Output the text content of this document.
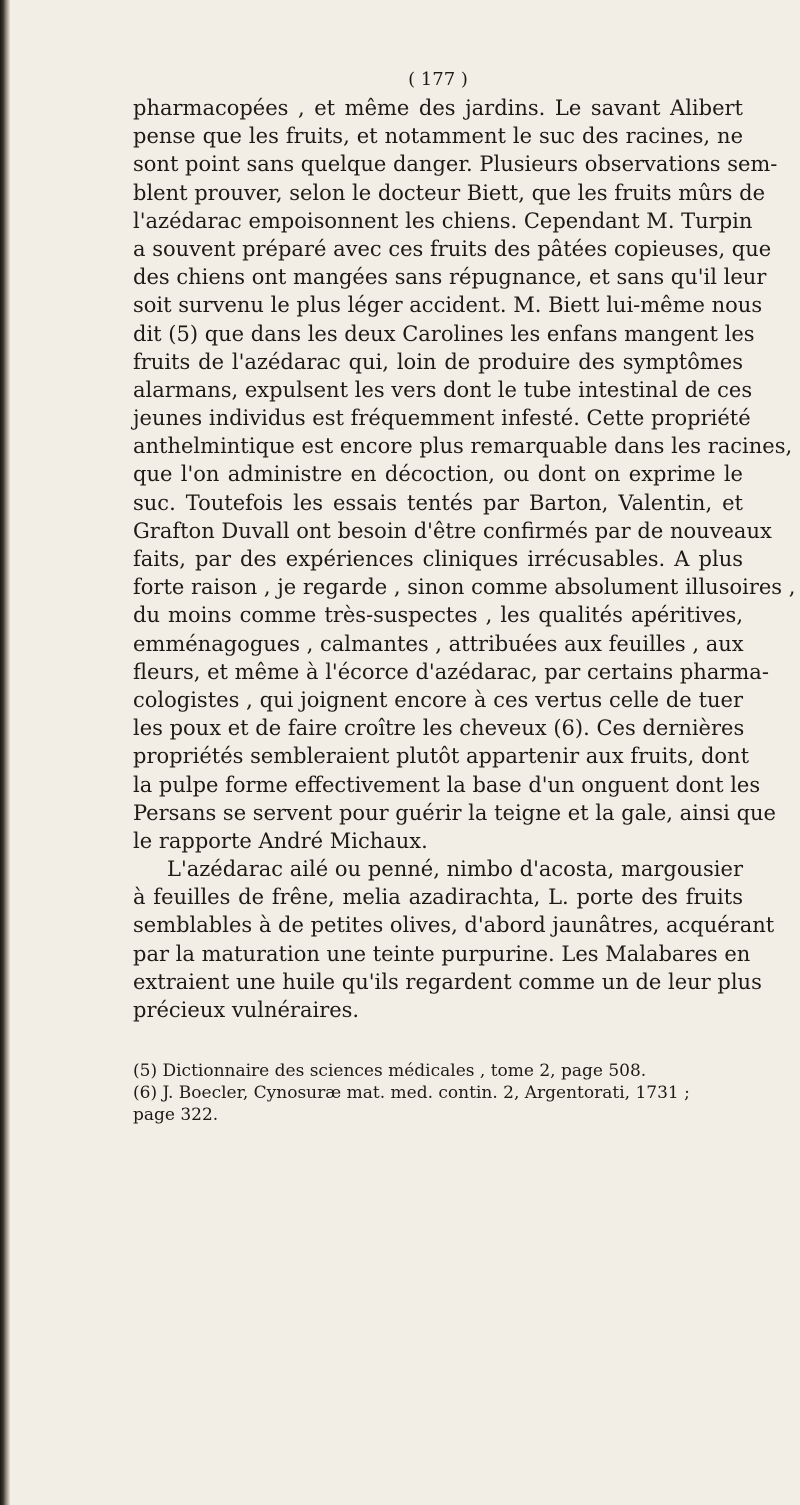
( 177 )

pharmacopées , et même des jardins. Le savant Alibert

pense que les fruits, et notamment le suc des racines, ne

sont point sans quelque danger. Plusieurs observations sem-

blent prouver, selon le docteur Biett, que les fruits mûrs de

l'azédarac empoisonnent les chiens. Cependant M. Turpin

a souvent préparé avec ces fruits des pâtées copieuses, que

des chiens ont mangées sans répugnance, et sans qu'il leur

soit survenu le plus léger accident. M. Biett lui-même nous

dit (5) que dans les deux Carolines les enfans mangent les

fruits de l'azédarac qui, loin de produire des symptômes

alarmans, expulsent les vers dont le tube intestinal de ces

jeunes individus est fréquemment infesté. Cette propriété

anthelmintique est encore plus remarquable dans les racines,

que l'on administre en décoction, ou dont on exprime le

suc. Toutefois les essais tentés par Barton, Valentin, et

Grafton Duvall ont besoin d'être confirmés par de nouveaux

faits, par des expériences cliniques irrécusables. A plus

forte raison , je regarde , sinon comme absolument illusoires ,

du moins comme très-suspectes , les qualités apéritives,

emménagogues , calmantes , attribuées aux feuilles , aux

fleurs, et même à l'écorce d'azédarac, par certains pharma-

cologistes , qui joignent encore à ces vertus celle de tuer

les poux et de faire croître les cheveux (6). Ces dernières

propriétés sembleraient plutôt appartenir aux fruits, dont

la pulpe forme effectivement la base d'un onguent dont les

Persans se servent pour guérir la teigne et la gale, ainsi que

le rapporte André Michaux.

L'azédarac ailé ou penné, nimbo d'acosta, margousier

à feuilles de frêne, melia azadirachta, L. porte des fruits

semblables à de petites olives, d'abord jaunâtres, acquérant

par la maturation une teinte purpurine. Les Malabares en

extraient une huile qu'ils regardent comme un de leur plus

précieux vulnéraires.

(5) Dictionnaire des sciences médicales , tome 2, page 508.

(6) J. Boecler, Cynosuræ mat. med. contin. 2, Argentorati, 1731 ;

page 322.
